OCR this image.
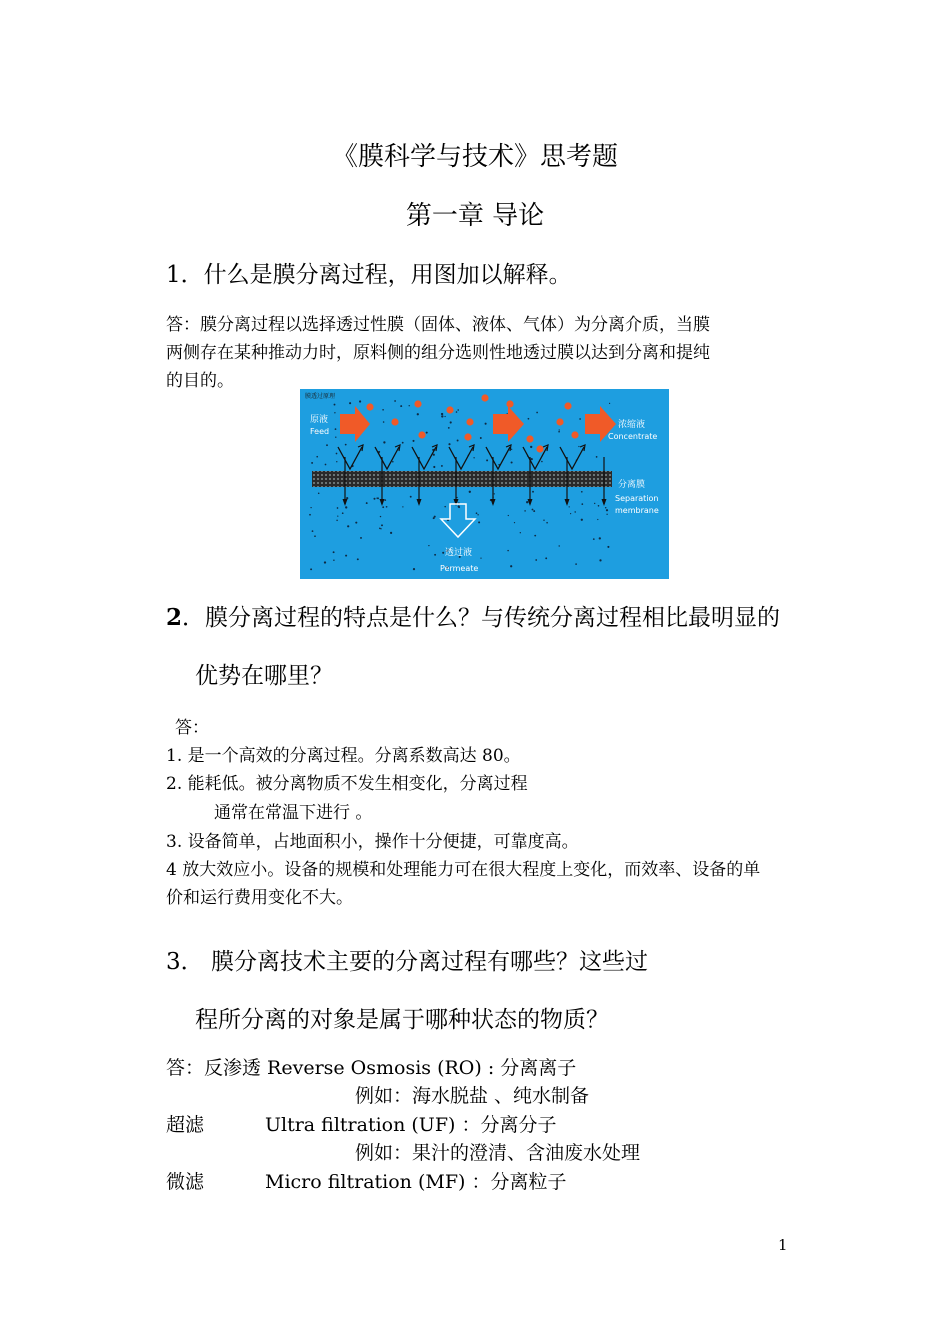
《膜科学与技术》思考题
第一章 导论
1．什么是膜分离过程，用图加以解释。
答：膜分离过程以选择透过性膜（固体、液体、气体）为分离介质，当膜
两侧存在某种推动力时，原料侧的组分选则性地透过膜以达到分离和提纯
的目的。
膜透过原理
原液
Feed
浓缩液
Concentrate
分离膜
Separation
membrane
透过液
Permeate
2．膜分离过程的特点是什么？与传统分离过程相比最明显的
优势在哪里？
答：
1. 是一个高效的分离过程。分离系数高达 80。
2. 能耗低。被分离物质不发生相变化，分离过程
通常在常温下进行 。
3. 设备简单，占地面积小，操作十分便捷，可靠度高。
4 放大效应小。设备的规模和处理能力可在很大程度上变化，而效率、设备的单
价和运行费用变化不大。
3． 膜分离技术主要的分离过程有哪些？这些过
程所分离的对象是属于哪种状态的物质？
答：反渗透 Reverse Osmosis (RO) : 分离离子
例如：海水脱盐 、纯水制备
超滤	Ultra filtration (UF) ：分离分子
例如：果汁的澄清、含油废水处理
微滤	Micro filtration (MF) ：分离粒子
1
